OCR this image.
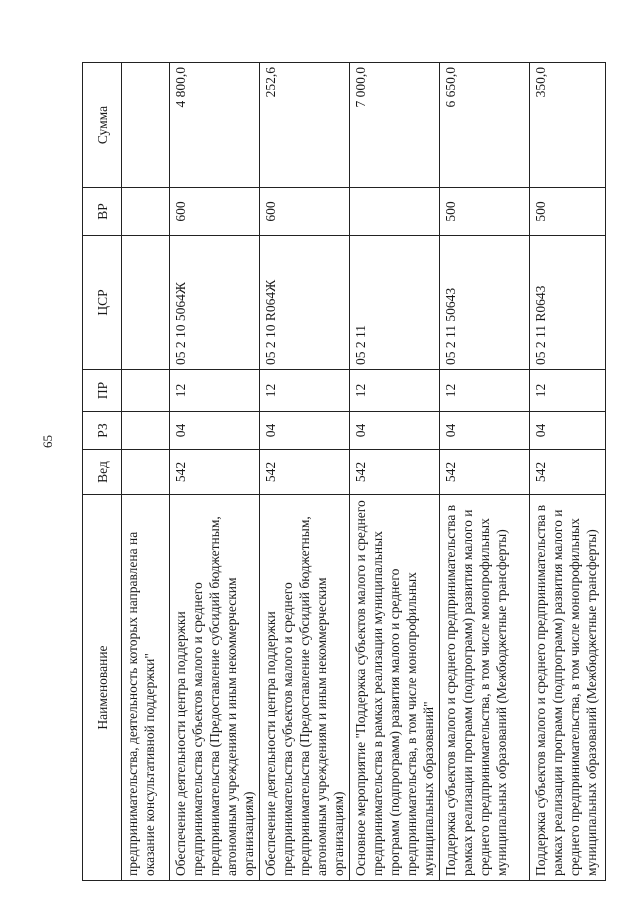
65
Наименование	Вед	РЗ	ПР	ЦСР	ВР	Сумма
предпринимательства, деятельность которых направлена на оказание консультативной поддержки"						
Обеспечение деятельности центра поддержки предпринимательства субъектов малого и среднего предпринимательства (Предоставление субсидий бюджетным, автономным учреждениям и иным некоммерческим организациям)	542	04	12	05 2 10 5064Ж	600	4 800,0
Обеспечение деятельности центра поддержки предпринимательства субъектов малого и среднего предпринимательства (Предоставление субсидий бюджетным, автономным учреждениям и иным некоммерческим организациям)	542	04	12	05 2 10 R064Ж	600	252,6
Основное мероприятие "Поддержка субъектов малого и среднего предпринимательства в рамках реализации муниципальных программ (подпрограмм) развития малого и среднего предпринимательства, в том числе монопрофильных муниципальных образований"	542	04	12	05 2 11		7 000,0
Поддержка субъектов малого и среднего предпринимательства в рамках реализации программ (подпрограмм) развития малого и среднего предпринимательства, в том числе монопрофильных муниципальных образований (Межбюджетные трансферты)	542	04	12	05 2 11 50643	500	6 650,0
Поддержка субъектов малого и среднего предпринимательства в рамках реализации программ (подпрограмм) развития малого и среднего предпринимательства, в том числе монопрофильных муниципальных образований (Межбюджетные трансферты)	542	04	12	05 2 11 R0643	500	350,0
